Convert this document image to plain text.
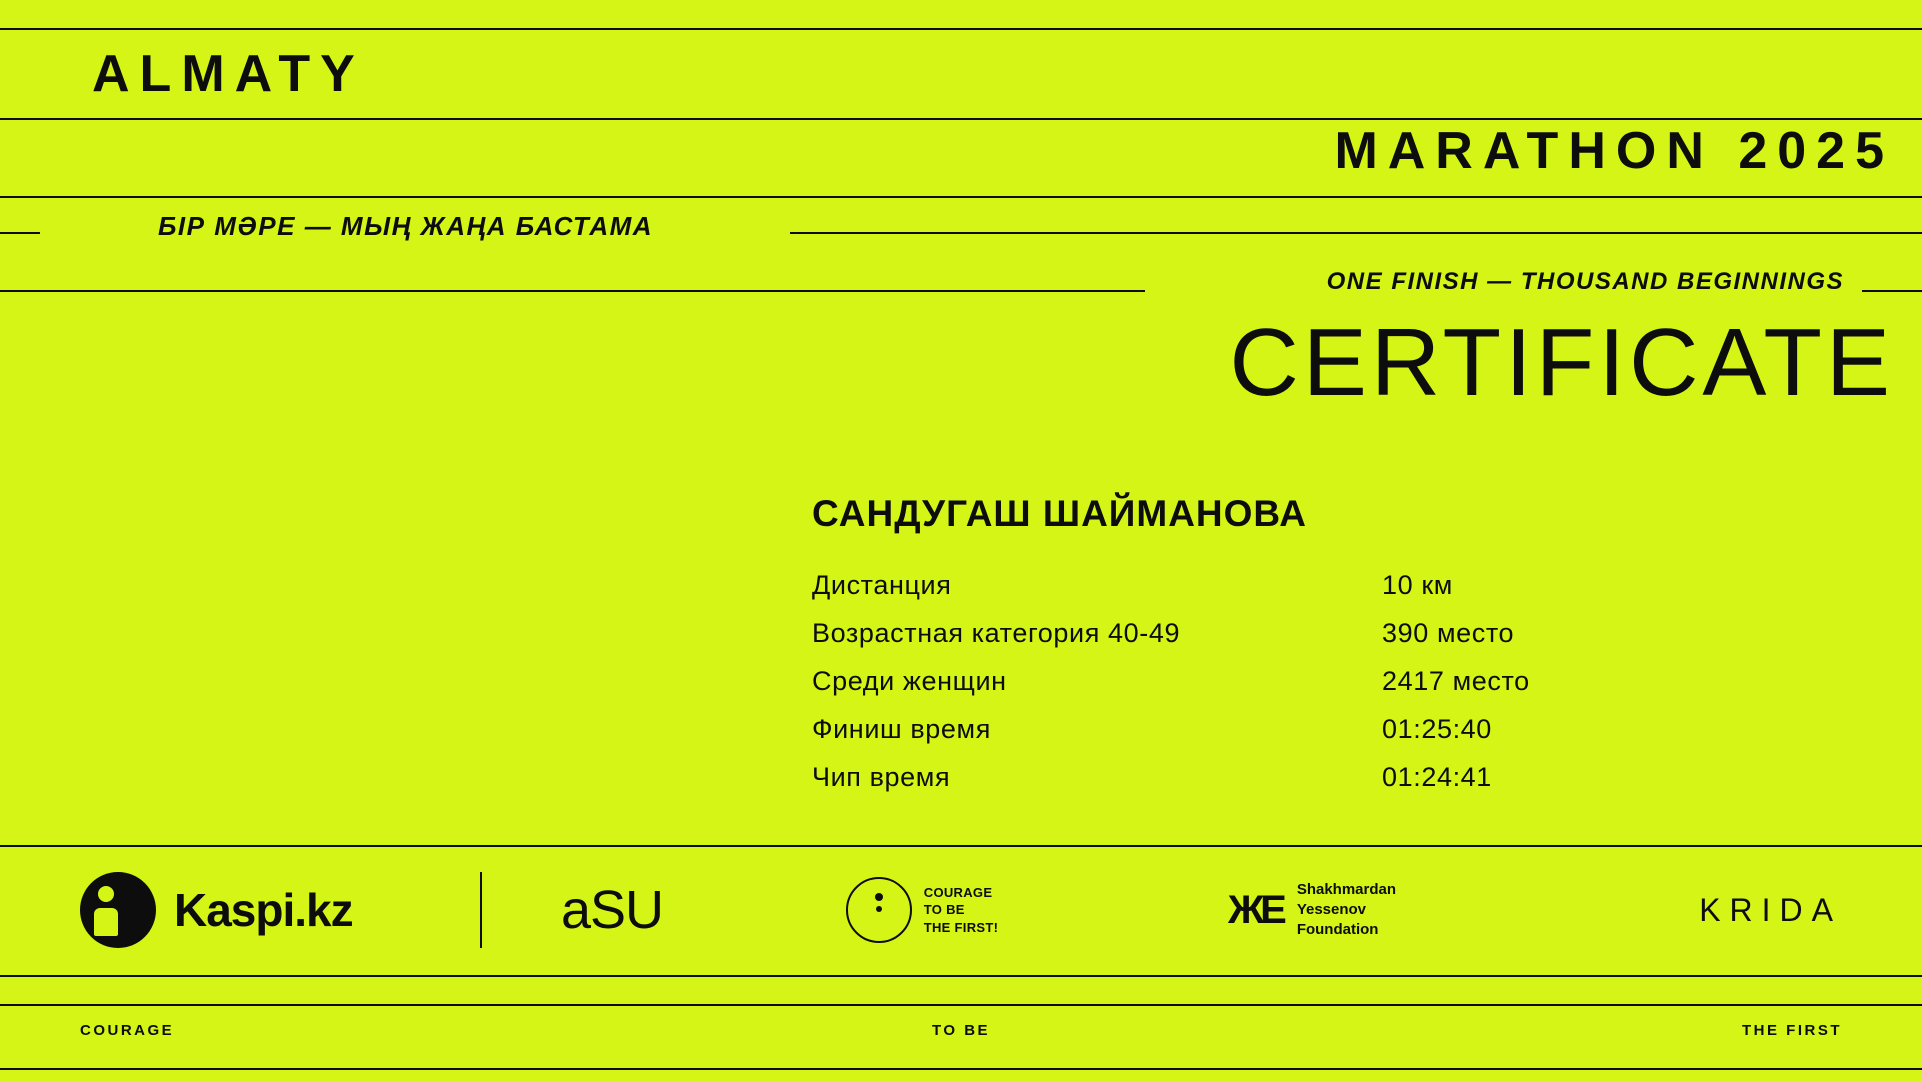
ALMATY
MARATHON 2025
БІР МӘРЕ — МЫҢ ЖАҢА БАСТАМА
ONE FINISH — THOUSAND BEGINNINGS
CERTIFICATE
САНДУГАШ ШАЙМАНОВА
Дистанция	10 км
Возрастная категория 40-49	390 место
Среди женщин	2417 место
Финиш время	01:25:40
Чип время	01:24:41
Kaspi.kz	aSU	COURAGE
TO BE
THE FIRST!	ЖЕ Shakhmardan
Yessenov
Foundation
KRIDA
COURAGE	TO BE	THE FIRST
